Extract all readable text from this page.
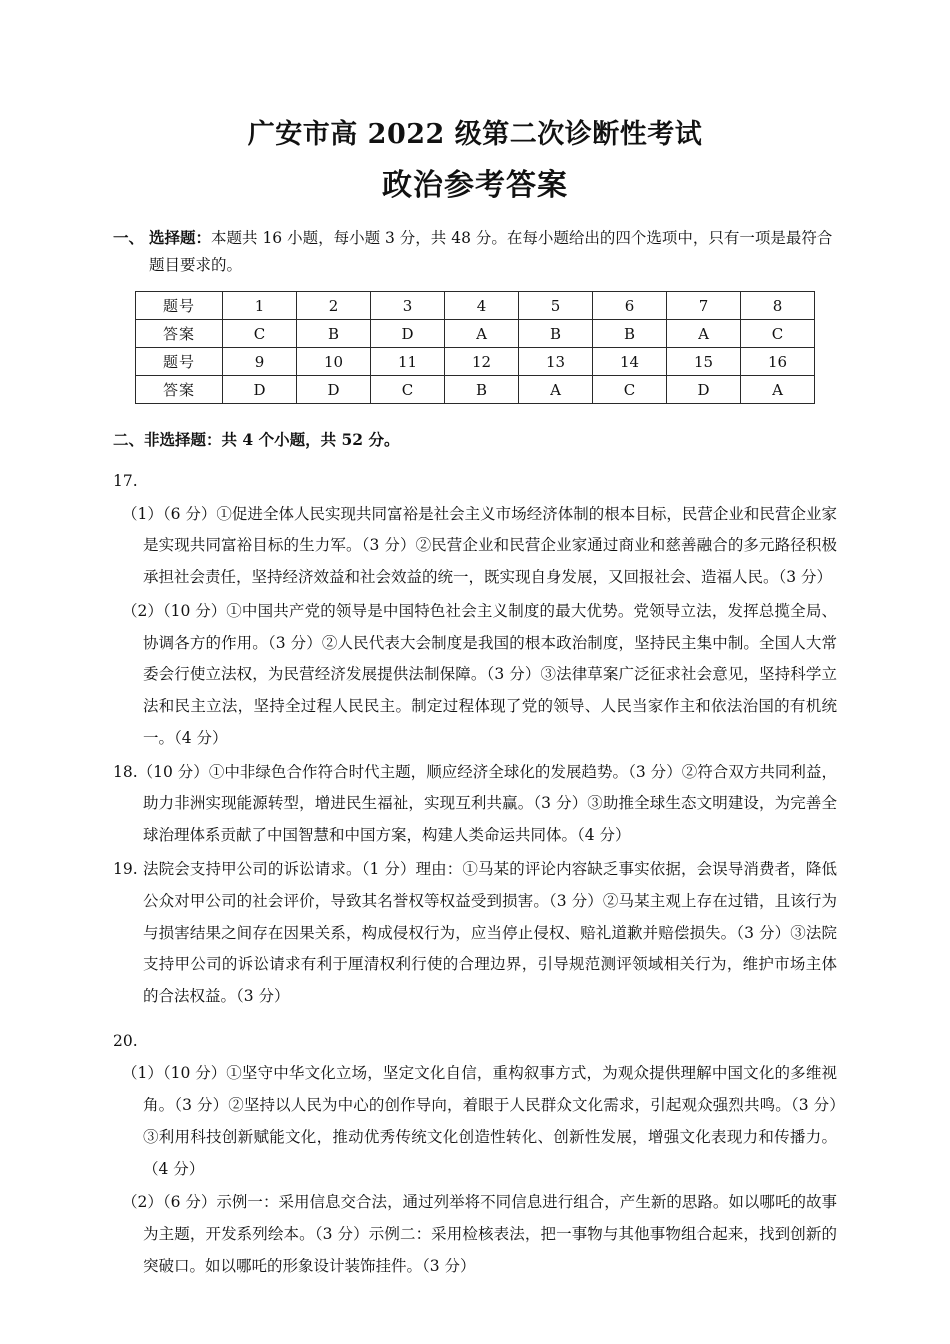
广安市高 2022 级第二次诊断性考试
政治参考答案
一、 选择题：本题共 16 小题，每小题 3 分，共 48 分。在每小题给出的四个选项中，只有一项是最符合题目要求的。
题号	1	2	3	4	5	6	7	8
答案	C	B	D	A	B	B	A	C
题号	9	10	11	12	13	14	15	16
答案	D	D	C	B	A	C	D	A
二、非选择题：共 4 个小题，共 52 分。
17.
（1）（6 分） ①促进全体人民实现共同富裕是社会主义市场经济体制的根本目标，民营企业和民营企业家是实现共同富裕目标的生力军。（3 分）②民营企业和民营企业家通过商业和慈善融合的多元路径积极承担社会责任，坚持经济效益和社会效益的统一，既实现自身发展，又回报社会、造福人民。（3 分）
（2）（10 分） ①中国共产党的领导是中国特色社会主义制度的最大优势。党领导立法，发挥总揽全局、协调各方的作用。（3 分）②人民代表大会制度是我国的根本政治制度，坚持民主集中制。全国人大常委会行使立法权，为民营经济发展提供法制保障。（3 分）③法律草案广泛征求社会意见，坚持科学立法和民主立法，坚持全过程人民民主。制定过程体现了党的领导、人民当家作主和依法治国的有机统一。（4 分）
18.（10 分） ①中非绿色合作符合时代主题，顺应经济全球化的发展趋势。（3 分）②符合双方共同利益，助力非洲实现能源转型，增进民生福祉，实现互利共赢。（3 分）③助推全球生态文明建设，为完善全球治理体系贡献了中国智慧和中国方案，构建人类命运共同体。（4 分）
19. 法院会支持甲公司的诉讼请求。（1 分）理由：①马某的评论内容缺乏事实依据，会误导消费者，降低公众对甲公司的社会评价，导致其名誉权等权益受到损害。（3 分）②马某主观上存在过错，且该行为与损害结果之间存在因果关系，构成侵权行为，应当停止侵权、赔礼道歉并赔偿损失。（3 分）③法院支持甲公司的诉讼请求有利于厘清权利行使的合理边界，引导规范测评领域相关行为，维护市场主体的合法权益。（3 分）
20.
（1）（10 分） ①坚守中华文化立场，坚定文化自信，重构叙事方式，为观众提供理解中国文化的多维视角。（3 分）②坚持以人民为中心的创作导向，着眼于人民群众文化需求，引起观众强烈共鸣。（3 分）③利用科技创新赋能文化，推动优秀传统文化创造性转化、创新性发展，增强文化表现力和传播力。（4 分）
（2）（6 分） 示例一：采用信息交合法，通过列举将不同信息进行组合，产生新的思路。如以哪吒的故事为主题，开发系列绘本。（3 分）示例二：采用检核表法，把一事物与其他事物组合起来，找到创新的突破口。如以哪吒的形象设计装饰挂件。（3 分）
